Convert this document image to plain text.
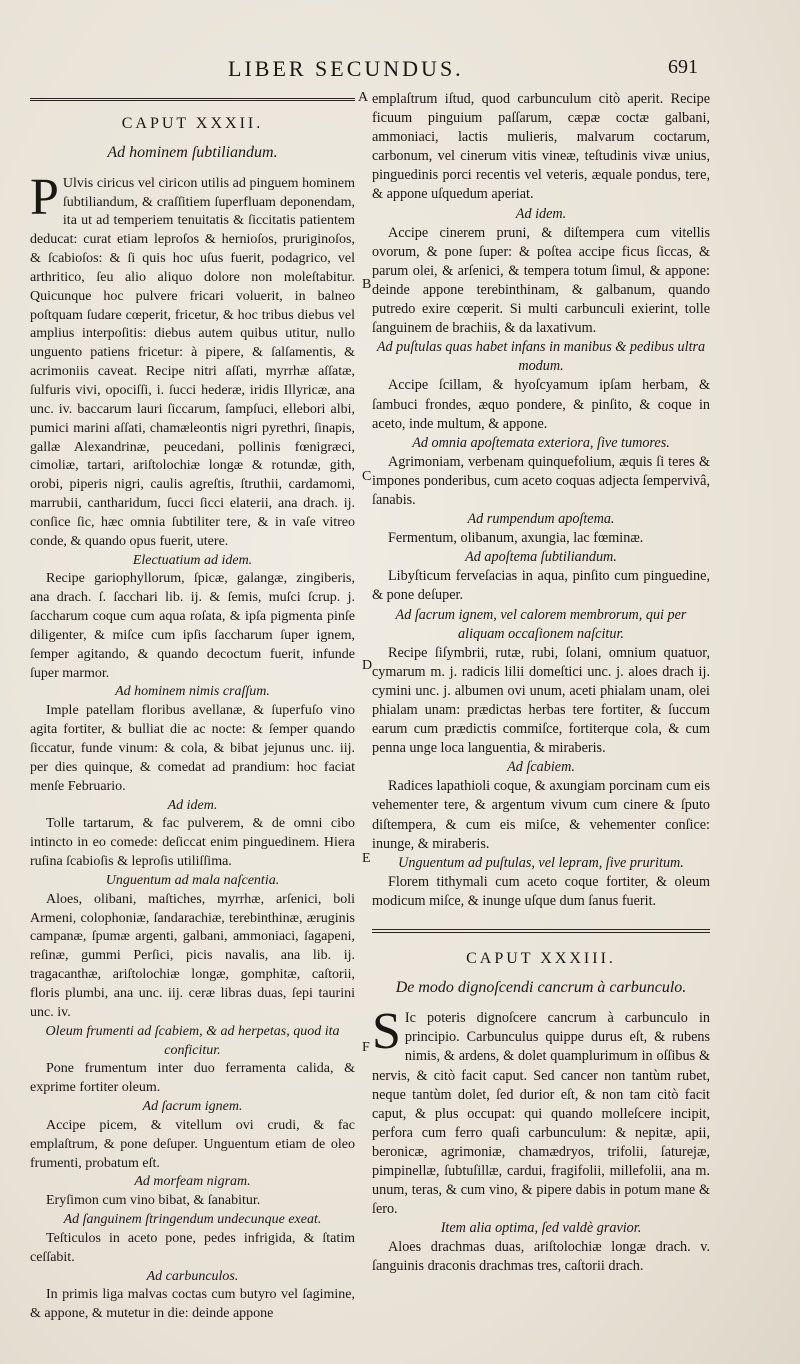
LIBER SECUNDUS.	691
A
B
C
D
E
F
CAPUT XXXII.
Ad hominem ſubtiliandum.

P Ulvis ciricus vel ciricon utilis ad pinguem hominem ſubtiliandum, & craſſitiem ſuperfluam deponendam, ita ut ad temperiem tenuitatis & ſiccitatis patientem deducat: curat etiam leproſos & hernioſos, pruriginoſos, & ſcabioſos: & ſi quis hoc uſus fuerit, podagrico, vel arthritico, ſeu alio aliquo dolore non moleſtabitur. Quicunque hoc pulvere fricari voluerit, in balneo poſtquam ſudare cœperit, fricetur, & hoc tribus diebus vel amplius interpoſitis: diebus autem quibus utitur, nullo unguento patiens fricetur: à pipere, & ſalſamentis, & acrimoniis caveat. Recipe nitri aſſati, myrrhæ aſſatæ, ſulfuris vivi, opociſſi, i. ſucci hederæ, iridis Illyricæ, ana unc. iv. baccarum lauri ſiccarum, ſampſuci, ellebori albi, pumici marini aſſati, chamæleontis nigri pyrethri, ſinapis, gallæ Alexandrinæ, peucedani, pollinis fœnigræci, cimoliæ, tartari, ariſtolochiæ longæ & rotundæ, gith, orobi, piperis nigri, caulis agreſtis, ſtruthii, cardamomi, marrubii, cantharidum, ſucci ſicci elaterii, ana drach. ij. conſice ſic, hæc omnia ſubtiliter tere, & in vaſe vitreo conde, & quando opus fuerit, utere.

Electuatium ad idem.

Recipe gariophyllorum, ſpicæ, galangæ, zingiberis, ana drach. ſ. ſacchari lib. ij. & ſemis, muſci ſcrup. j. ſaccharum coque cum aqua roſata, & ipſa pigmenta pinſe diligenter, & miſce cum ipſis ſaccharum ſuper ignem, ſemper agitando, & quando decoctum fuerit, infunde ſuper marmor.

Ad hominem nimis craſſum.

Imple patellam floribus avellanæ, & ſuperfuſo vino agita fortiter, & bulliat die ac nocte: & ſemper quando ſiccatur, funde vinum: & cola, & bibat jejunus unc. iij. per dies quinque, & comedat ad prandium: hoc faciat menſe Februario.

Ad idem.

Tolle tartarum, & fac pulverem, & de omni cibo intincto in eo comede: deſiccat enim pinguedinem. Hiera ruſina ſcabioſis & leproſis utiliſſima.

Unguentum ad mala naſcentia.

Aloes, olibani, maſtiches, myrrhæ, arſenici, boli Armeni, colophoniæ, ſandarachiæ, terebinthinæ, æruginis campanæ, ſpumæ argenti, galbani, ammoniaci, ſagapeni, reſinæ, gummi Perſici, picis navalis, ana lib. ij. tragacanthæ, ariſtolochiæ longæ, gomphitæ, caſtorii, floris plumbi, ana unc. iij. ceræ libras duas, ſepi taurini unc. iv.

Oleum frumenti ad ſcabiem, & ad herpetas, quod ita conficitur.

Pone frumentum inter duo ferramenta calida, & exprime fortiter oleum.

Ad ſacrum ignem.

Accipe picem, & vitellum ovi crudi, & fac emplaſtrum, & pone deſuper. Unguentum etiam de oleo frumenti, probatum eſt.

Ad morfeam nigram.

Eryſimon cum vino bibat, & ſanabitur.

Ad ſanguinem ſtringendum undecunque exeat.

Teſticulos in aceto pone, pedes infrigida, & ſtatim ceſſabit.

Ad carbunculos.

In primis liga malvas coctas cum butyro vel ſagimine, & appone, & mutetur in die: deinde appone

emplaſtrum iſtud, quod carbunculum citò aperit. Recipe ficuum pinguium paſſarum, cæpæ coctæ galbani, ammoniaci, lactis mulieris, malvarum coctarum, carbonum, vel cinerum vitis vineæ, teſtudinis vivæ unius, pinguedinis porci recentis vel veteris, æquale pondus, tere, & appone uſquedum aperiat.

Ad idem.

Accipe cinerem pruni, & diſtempera cum vitellis ovorum, & pone ſuper: & poſtea accipe ficus ſiccas, & parum olei, & arſenici, & tempera totum ſimul, & appone: deinde appone terebinthinam, & galbanum, quando putredo exire cœperit. Si multi carbunculi exierint, tolle ſanguinem de brachiis, & da laxativum.

Ad puſtulas quas habet infans in manibus & pedibus ultra modum.

Accipe ſcillam, & hyoſcyamum ipſam herbam, & ſambuci frondes, æquo pondere, & pinſito, & coque in aceto, inde multum, & appone.

Ad omnia apoſtemata exteriora, ſive tumores.

Agrimoniam, verbenam quinquefolium, æquis ſi teres & impones ponderibus, cum aceto coquas adjecta ſempervivâ, ſanabis.

Ad rumpendum apoſtema.

Fermentum, olibanum, axungia, lac fœminæ.

Ad apoſtema ſubtiliandum.

Libyſticum ferveſacias in aqua, pinſito cum pinguedine, & pone deſuper.

Ad ſacrum ignem, vel calorem membrorum, qui per aliquam occaſionem naſcitur.

Recipe ſiſymbrii, rutæ, rubi, ſolani, omnium quatuor, cymarum m. j. radicis lilii domeſtici unc. j. aloes drach ij. cymini unc. j. albumen ovi unum, aceti phialam unam, olei phialam unam: prædictas herbas tere fortiter, & ſuccum earum cum prædictis commiſce, fortiterque cola, & cum penna unge loca languentia, & miraberis.

Ad ſcabiem.

Radices lapathioli coque, & axungiam porcinam cum eis vehementer tere, & argentum vivum cum cinere & ſputo diſtempera, & cum eis miſce, & vehementer conſice: inunge, & miraberis.

Unguentum ad puſtulas, vel lepram, ſive pruritum.

Florem tithymali cum aceto coque fortiter, & oleum modicum miſce, & inunge uſque dum ſanus fuerit.

CAPUT XXXIII.
De modo dignoſcendi cancrum à carbunculo.

S Ic poteris dignoſcere cancrum à carbunculo in principio. Carbunculus quippe durus eſt, & rubens nimis, & ardens, & dolet quamplurimum in oſſibus & nervis, & citò facit caput. Sed cancer non tantùm rubet, neque tantùm dolet, ſed durior eſt, & non tam citò facit caput, & plus occupat: qui quando molleſcere incipit, perfora cum ferro quaſi carbunculum: & nepitæ, apii, beronicæ, agrimoniæ, chamædryos, trifolii, ſaturejæ, pimpinellæ, ſubtuſillæ, cardui, fragifolii, millefolii, ana m. unum, teras, & cum vino, & pipere dabis in potum mane & ſero.

Item alia optima, ſed valdè gravior.

Aloes drachmas duas, ariſtolochiæ longæ drach. v. ſanguinis draconis drachmas tres, caſtorii drach.
